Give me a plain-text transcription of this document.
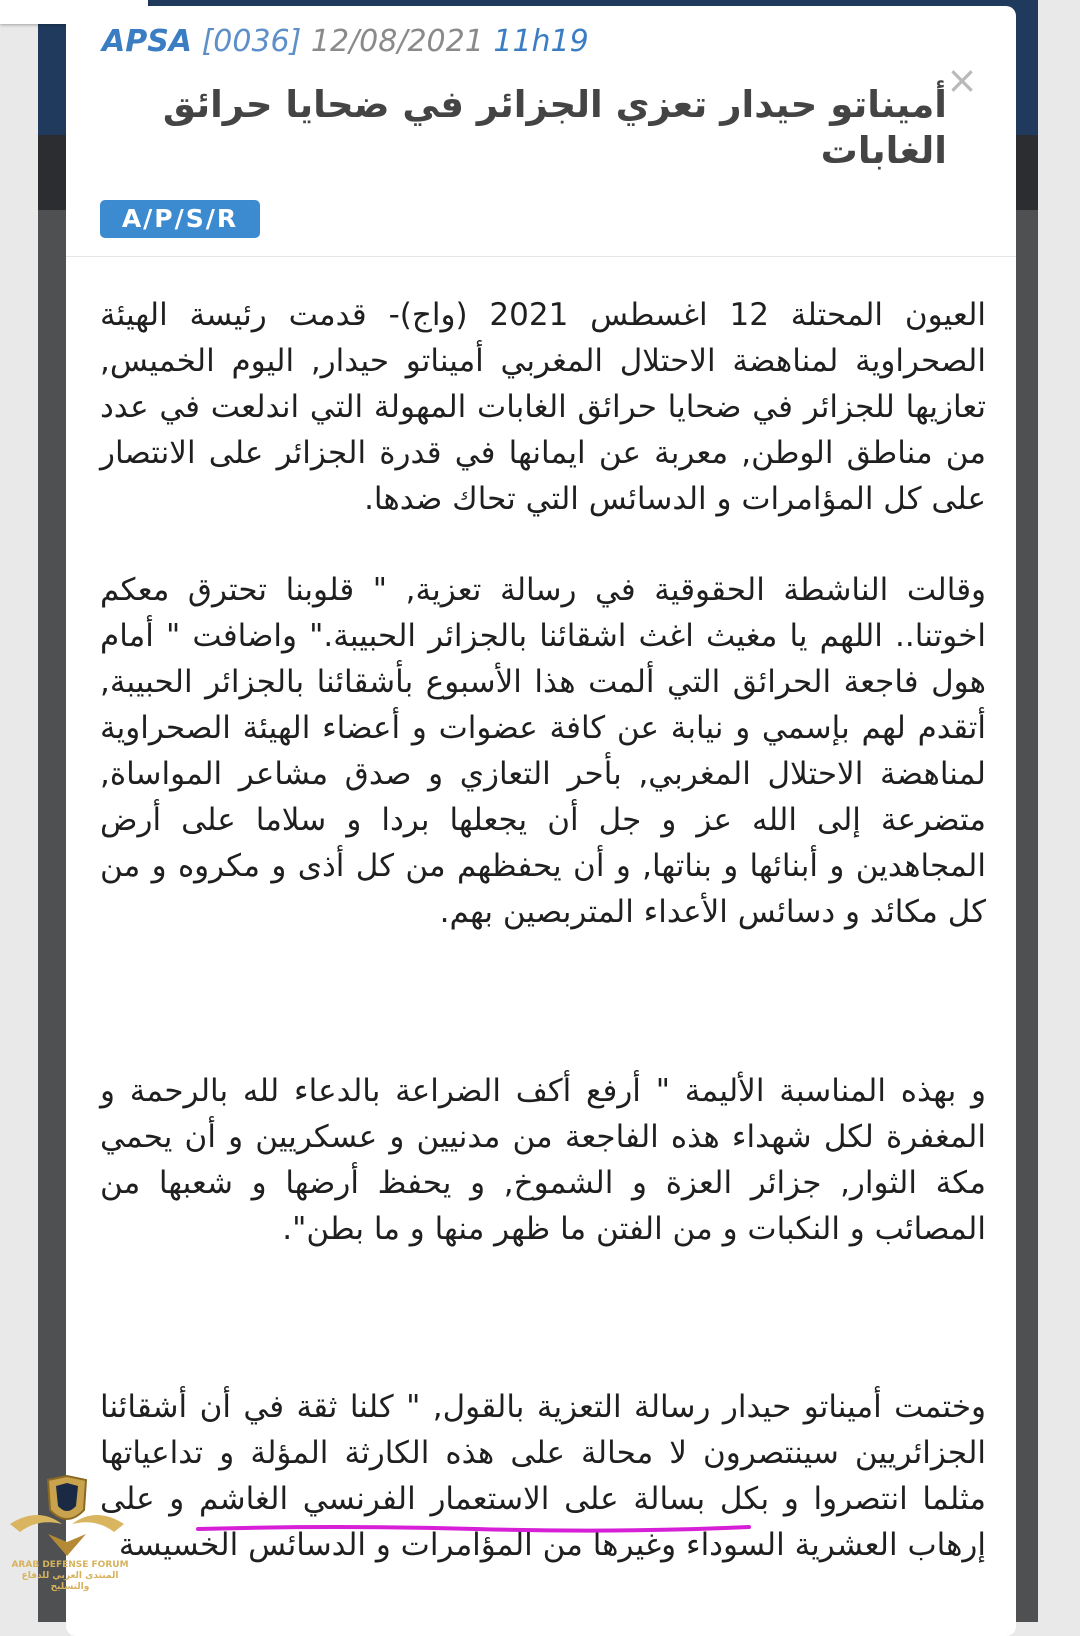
APSA [0036] 12/08/2021 11h19
×
أميناتو حيدار تعزي الجزائر في ضحايا حرائق الغابات
A/P/S/R
العيون المحتلة 12 اغسطس 2021 (واج)- قدمت رئيسة الهيئة الصحراوية لمناهضة الاحتلال المغربي أميناتو حيدار, اليوم الخميس, تعازيها للجزائر في ضحايا حرائق الغابات المهولة التي اندلعت في عدد من مناطق الوطن, معربة عن ايمانها في قدرة الجزائر على الانتصار على كل المؤامرات و الدسائس التي تحاك ضدها.
وقالت الناشطة الحقوقية في رسالة تعزية, " قلوبنا تحترق معكم اخوتنا.. اللهم يا مغيث اغث اشقائنا بالجزائر الحبيبة." واضافت " أمام هول فاجعة الحرائق التي ألمت هذا الأسبوع بأشقائنا بالجزائر الحبيبة, أتقدم لهم بإسمي و نيابة عن كافة عضوات و أعضاء الهيئة الصحراوية لمناهضة الاحتلال المغربي, بأحر التعازي و صدق مشاعر المواساة, متضرعة إلى الله عز و جل أن يجعلها بردا و سلاما على أرض المجاهدين و أبنائها و بناتها, و أن يحفظهم من كل أذى و مكروه و من كل مكائد و دسائس الأعداء المتربصين بهم.
و بهذه المناسبة الأليمة " أرفع أكف الضراعة بالدعاء لله بالرحمة و المغفرة لكل شهداء هذه الفاجعة من مدنيين و عسكريين و أن يحمي مكة الثوار, جزائر العزة و الشموخ, و يحفظ أرضها و شعبها من المصائب و النكبات و من الفتن ما ظهر منها و ما بطن".
وختمت أميناتو حيدار رسالة التعزية بالقول, " كلنا ثقة في أن أشقائنا الجزائريين سينتصرون لا محالة على هذه الكارثة المؤلة و تداعياتها مثلما انتصروا و بكل بسالة على الاستعمار الفرنسي الغاشم و على إرهاب العشرية السوداء وغيرها من المؤامرات و الدسائس الخسيسة
ARAB DEFENSE FORUM
المنتدى العربي للدفاع والتسليح
